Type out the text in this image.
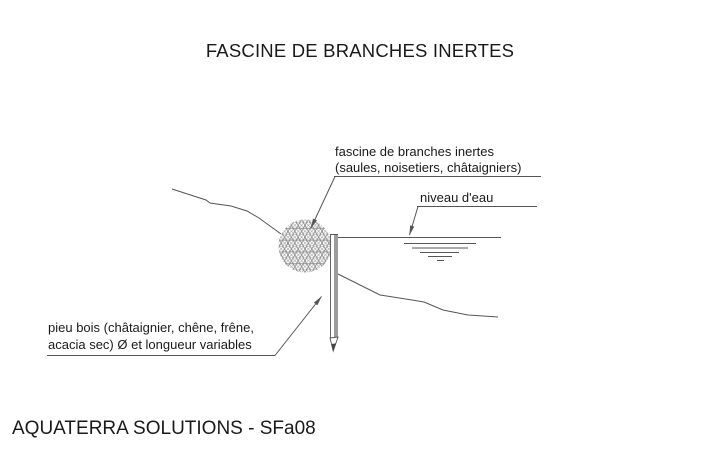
FASCINE DE BRANCHES INERTES
fascine de branches inertes
(saules, noisetiers, châtaigniers)
niveau d'eau
pieu bois (châtaignier, chêne, frêne,
acacia sec) Ø et longueur variables
AQUATERRA SOLUTIONS - SFa08
